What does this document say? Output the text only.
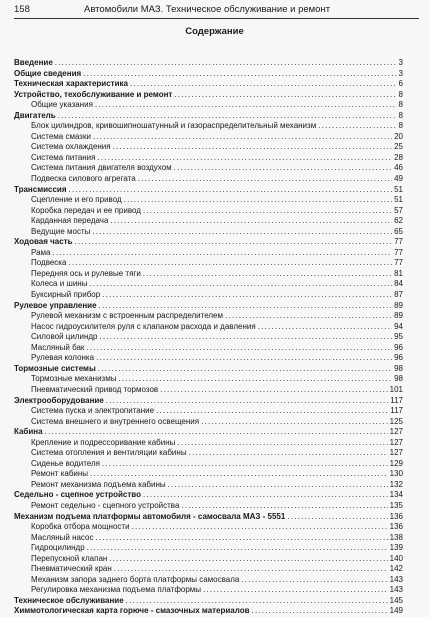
158	Автомобили МАЗ. Техническое обслуживание и ремонт
Содержание
Введение .....	3
Общие сведения .....	3
Техническая характеристика .....	6
Устройство, техобслуживание и ремонт .....	8
Общие указания .....	8
Двигатель .....	8
Блок цилиндров, кривошипношатунный и газораспределительный механизм .....	8
Система смазки .....	20
Система охлаждения .....	25
Система питания .....	28
Система питания двигателя воздухом .....	46
Подвеска силового агрегата .....	49
Трансмиссия .....	51
Сцепление и его привод .....	51
Коробка передач и ее привод .....	57
Карданная передача .....	62
Ведущие мосты .....	65
Ходовая часть .....	77
Рама .....	77
Подвеска .....	77
Передняя ось и рулевые тяги .....	81
Колеса и шины .....	84
Буксирный прибор .....	87
Рулевое управление .....	89
Рулевой механизм с встроенным распределителем .....	89
Насос гидроусилителя руля с клапаном расхода и давления .....	94
Силовой цилиндр .....	95
Масляный бак .....	96
Рулевая колонка .....	96
Тормозные системы .....	98
Тормозные механизмы .....	98
Пневматический привод тормозов .....	101
Электрооборудование .....	117
Система пуска и электропитание .....	117
Система внешнего и внутреннего освещения .....	125
Кабина .....	127
Крепление и подрессоривание кабины .....	127
Система отопления и вентиляции кабины .....	127
Сиденье водителя .....	129
Ремонт кабины .....	130
Ремонт механизма подъема кабины .....	132
Седельно - сцепное устройство .....	134
Ремонт седельно - сцепного устройства .....	135
Механизм подъема платформы автомобиля - самосвала МАЗ - 5551 .....	136
Коробка отбора мощности .....	136
Масляный насос .....	138
Гидроцилиндр .....	139
Перепускной клапан .....	140
Пневматический кран .....	142
Механизм запора заднего борта платформы самосвала .....	143
Регулировка механизма подъема платформы .....	143
Техническое обслуживание .....	145
Химмотологическая карта горюче - смазочных материалов .....	149
